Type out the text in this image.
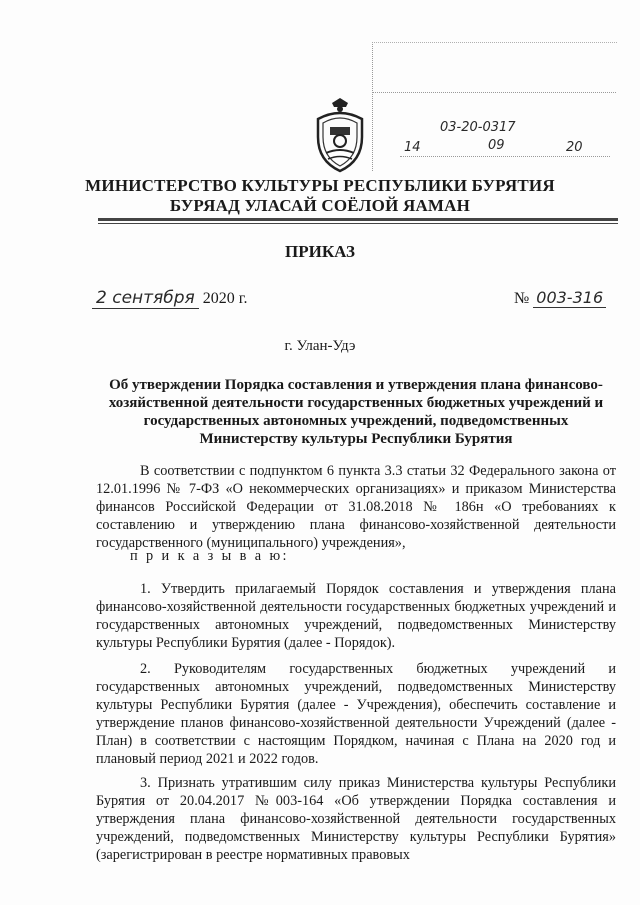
03-20-0317
14	09	20
МИНИСТЕРСТВО КУЛЬТУРЫ РЕСПУБЛИКИ БУРЯТИЯ
БУРЯАД УЛАСАЙ СОЁЛОЙ ЯАМАН
ПРИКАЗ
2 сентября 2020 г.	№ 003-316
г. Улан-Удэ
Об утверждении Порядка составления и утверждения плана финансово-
хозяйственной деятельности государственных бюджетных учреждений и
государственных автономных учреждений, подведомственных
Министерству культуры Республики Бурятия
В соответствии с подпунктом 6 пункта 3.3 статьи 32 Федерального закона от 12.01.1996 № 7-ФЗ «О некоммерческих организациях» и приказом Министерства финансов Российской Федерации от 31.08.2018 № 186н «О требованиях к составлению и утверждению плана финансово-хозяйственной деятельности государственного (муниципального) учреждения»,
п р и к а з ы в а ю:
1. Утвердить прилагаемый Порядок составления и утверждения плана финансово-хозяйственной деятельности государственных бюджетных учреждений и государственных автономных учреждений, подведомственных Министерству культуры Республики Бурятия (далее - Порядок).
2. Руководителям государственных бюджетных учреждений и государственных автономных учреждений, подведомственных Министерству культуры Республики Бурятия (далее - Учреждения), обеспечить составление и утверждение планов финансово-хозяйственной деятельности Учреждений (далее - План) в соответствии с настоящим Порядком, начиная с Плана на 2020 год и плановый период 2021 и 2022 годов.
3. Признать утратившим силу приказ Министерства культуры Республики Бурятия от 20.04.2017 №003-164 «Об утверждении Порядка составления и утверждения плана финансово-хозяйственной деятельности государственных учреждений, подведомственных Министерству культуры Республики Бурятия» (зарегистрирован в реестре нормативных правовых
